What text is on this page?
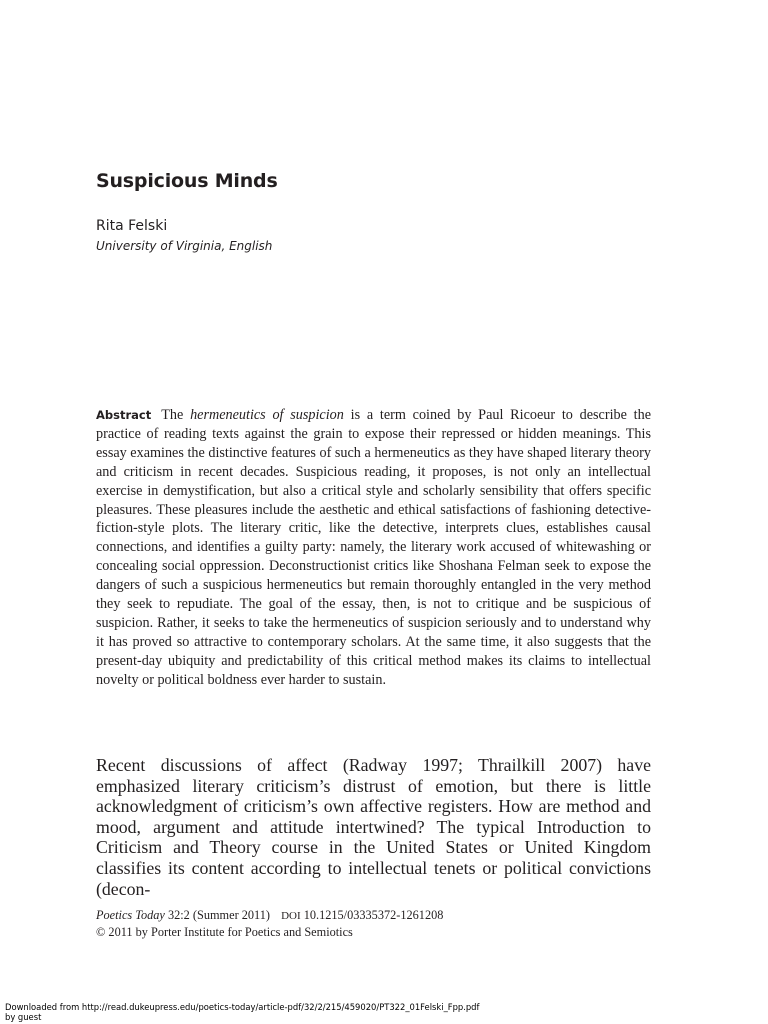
Suspicious Minds
Rita Felski
University of Virginia, English

Abstract The hermeneutics of suspicion is a term coined by Paul Ricoeur to describe the practice of reading texts against the grain to expose their repressed or hidden meanings. This essay examines the distinctive features of such a hermeneutics as they have shaped literary theory and criticism in recent decades. Suspicious reading, it proposes, is not only an intellectual exercise in demystification, but also a critical style and scholarly sensibility that offers specific pleasures. These pleasures include the aesthetic and ethical satisfactions of fashioning detective-fiction-style plots. The literary critic, like the detective, interprets clues, establishes causal connections, and identifies a guilty party: namely, the literary work accused of whitewashing or concealing social oppression. Deconstructionist critics like Shoshana Felman seek to expose the dangers of such a suspicious hermeneutics but remain thoroughly entangled in the very method they seek to repudiate. The goal of the essay, then, is not to critique and be suspicious of suspicion. Rather, it seeks to take the hermeneutics of suspicion seriously and to understand why it has proved so attractive to contemporary scholars. At the same time, it also suggests that the present-day ubiquity and predictability of this critical method makes its claims to intellectual novelty or political boldness ever harder to sustain.

Recent discussions of affect (Radway 1997; Thrailkill 2007) have emphasized literary criticism’s distrust of emotion, but there is little acknowledgment of criticism’s own affective registers. How are method and mood, argument and attitude intertwined? The typical Introduction to Criticism and Theory course in the United States or United Kingdom classifies its content according to intellectual tenets or political convictions (decon-

Poetics Today 32:2 (Summer 2011) DOI 10.1215/03335372-1261208
© 2011 by Porter Institute for Poetics and Semiotics
Downloaded from http://read.dukeupress.edu/poetics-today/article-pdf/32/2/215/459020/PT322_01Felski_Fpp.pdf
by guest
